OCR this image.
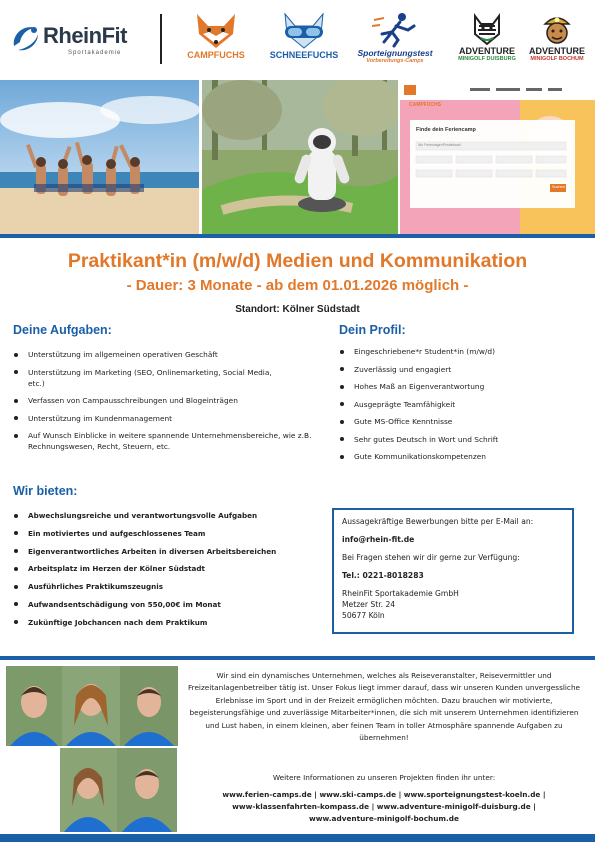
RheinFit
Sportakademie	CAMPFUCHS	SCHNEEFUCHS	Sporteignungstest
Vorbereitungs-Camps
ADVENTURE
MINIGOLF DUISBURG
ADVENTURE
MINIGOLF BOCHUM
CAMPFUCHS
Finde dein Feriencamp
Wo Ferienlager/Postleitzahl
Suchen
Praktikant*in (m/w/d) Medien und Kommunikation
- Dauer: 3 Monate - ab dem 01.01.2026 möglich -
Standort: Kölner Südstadt
Deine Aufgaben:
Unterstützung im allgemeinen operativen Geschäft
Unterstützung im Marketing (SEO, Onlinemarketing, Social Media, etc.)
Verfassen von Campausschreibungen und Blogeinträgen
Unterstützung im Kundenmanagement
Auf Wunsch Einblicke in weitere spannende Unternehmensbereiche, wie z.B. Rechnungswesen, Recht, Steuern, etc.
Dein Profil:
Eingeschriebene*r Student*in (m/w/d)
Zuverlässig und engagiert
Hohes Maß an Eigenverantwortung
Ausgeprägte Teamfähigkeit
Gute MS-Office Kenntnisse
Sehr gutes Deutsch in Wort und Schrift
Gute Kommunikationskompetenzen
Wir bieten:
Abwechslungsreiche und verantwortungsvolle Aufgaben
Ein motiviertes und aufgeschlossenes Team
Eigenverantwortliches Arbeiten in diversen Arbeitsbereichen
Arbeitsplatz im Herzen der Kölner Südstadt
Ausführliches Praktikumszeugnis
Aufwandsentschädigung von 550,00€ im Monat
Zukünftige Jobchancen nach dem Praktikum

Aussagekräftige Bewerbungen bitte per E-Mail an:

info@rhein-fit.de

Bei Fragen stehen wir dir gerne zur Verfügung:

Tel.: 0221-8018283

RheinFit Sportakademie GmbH
Metzer Str. 24
50677 Köln
Wir sind ein dynamisches Unternehmen, welches als Reiseveranstalter, Reisevermittler und Freizeitanlagenbetreiber tätig ist. Unser Fokus liegt immer darauf, dass wir unseren Kunden unvergessliche Erlebnisse im Sport und in der Freizeit ermöglichen möchten. Dazu brauchen wir motivierte, begeisterungsfähige und zuverlässige Mitarbeiter*innen, die sich mit unserem Unternehmen identifizieren und Lust haben, in einem kleinen, aber feinen Team in toller Atmosphäre spannende Aufgaben zu übernehmen!
Weitere Informationen zu unseren Projekten finden ihr unter:
www.ferien-camps.de | www.ski-camps.de | www.sporteignungstest-koeln.de |
www-klassenfahrten-kompass.de | www.adventure-minigolf-duisburg.de |
www.adventure-minigolf-bochum.de
